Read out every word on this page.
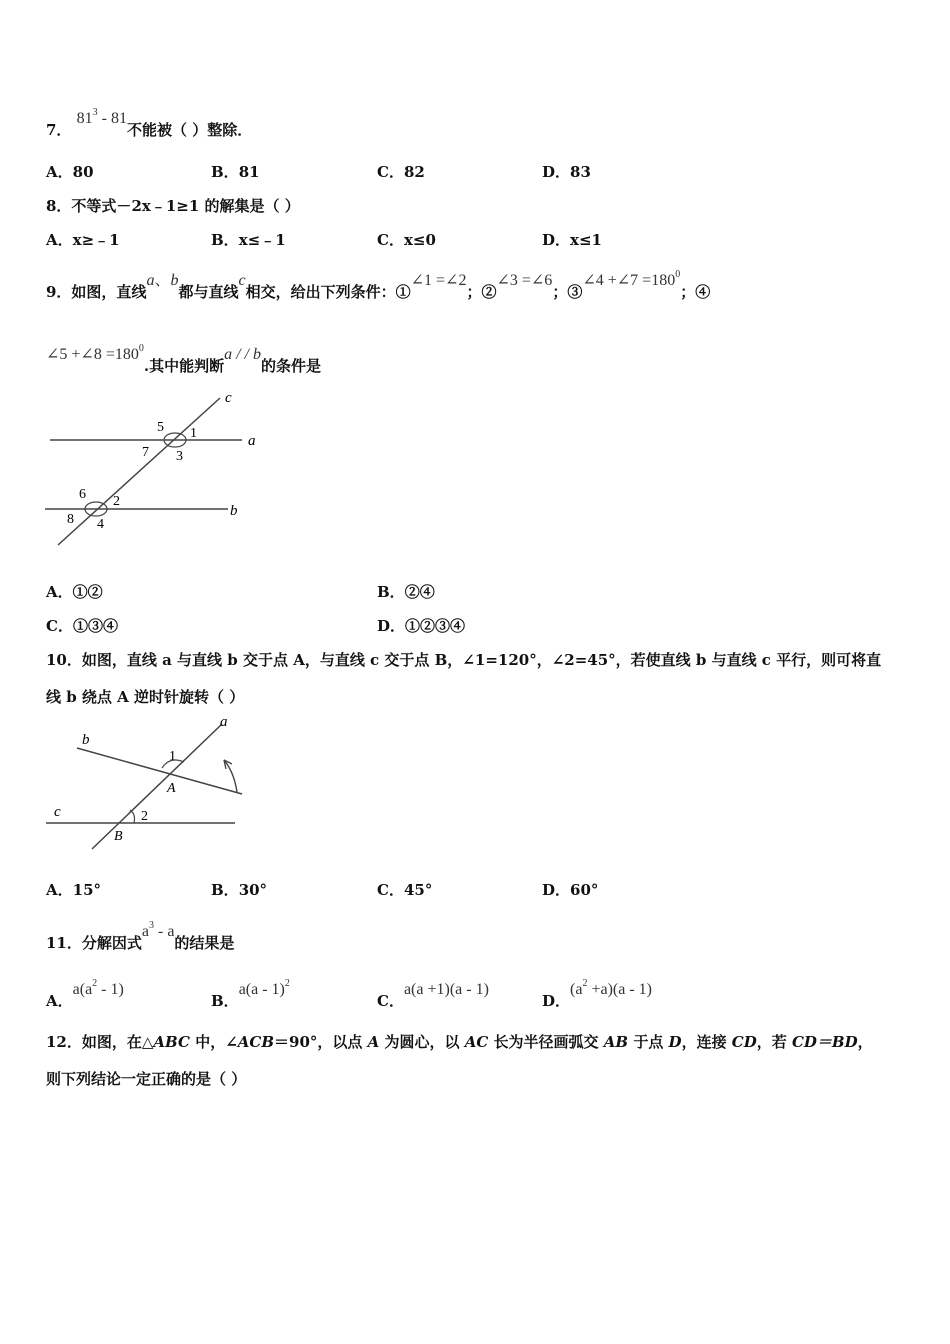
7． $81^3 - 81$不能被（ ）整除．
A．80	B．81	C．82	D．83
8．不等式－2x﹣1≥1 的解集是（ ）
A．x≥﹣1	B．x≤﹣1	C．x≤0	D．x≤1
9．如图，直线a、b都与直线c相交，给出下列条件：①∠1 =∠2；②∠3 =∠6；③∠4 +∠7 $=180^0$；④
∠5 +∠8 $=180^0$.其中能判断a / / b的条件是
c
a
b
1
5
7 3
6 2
8 4
A．①②	B．②④
C．①③④	D．①②③④
10．如图，直线 a 与直线 b 交于点 A，与直线 c 交于点 B，∠1=120°，∠2=45°，若使直线 b 与直线 c 平行，则可将直
线 b 绕点 A 逆时针旋转（ ）
a
b
c
1
A
2
B
A．15°	B．30°	C．45°	D．60°
11．分解因式$a^3$ - a的结果是
A．$a(a^2 - 1)$
B．a(a - 1)$^2$
C．a(a +1)(a - 1)
D．$(a^2 +a)(a - 1)$
12．如图，在△ABC 中，∠ACB＝90°，以点 A 为圆心，以 AC 长为半径画弧交 AB 于点 D，连接 CD，若 CD＝BD，
则下列结论一定正确的是（ ）
